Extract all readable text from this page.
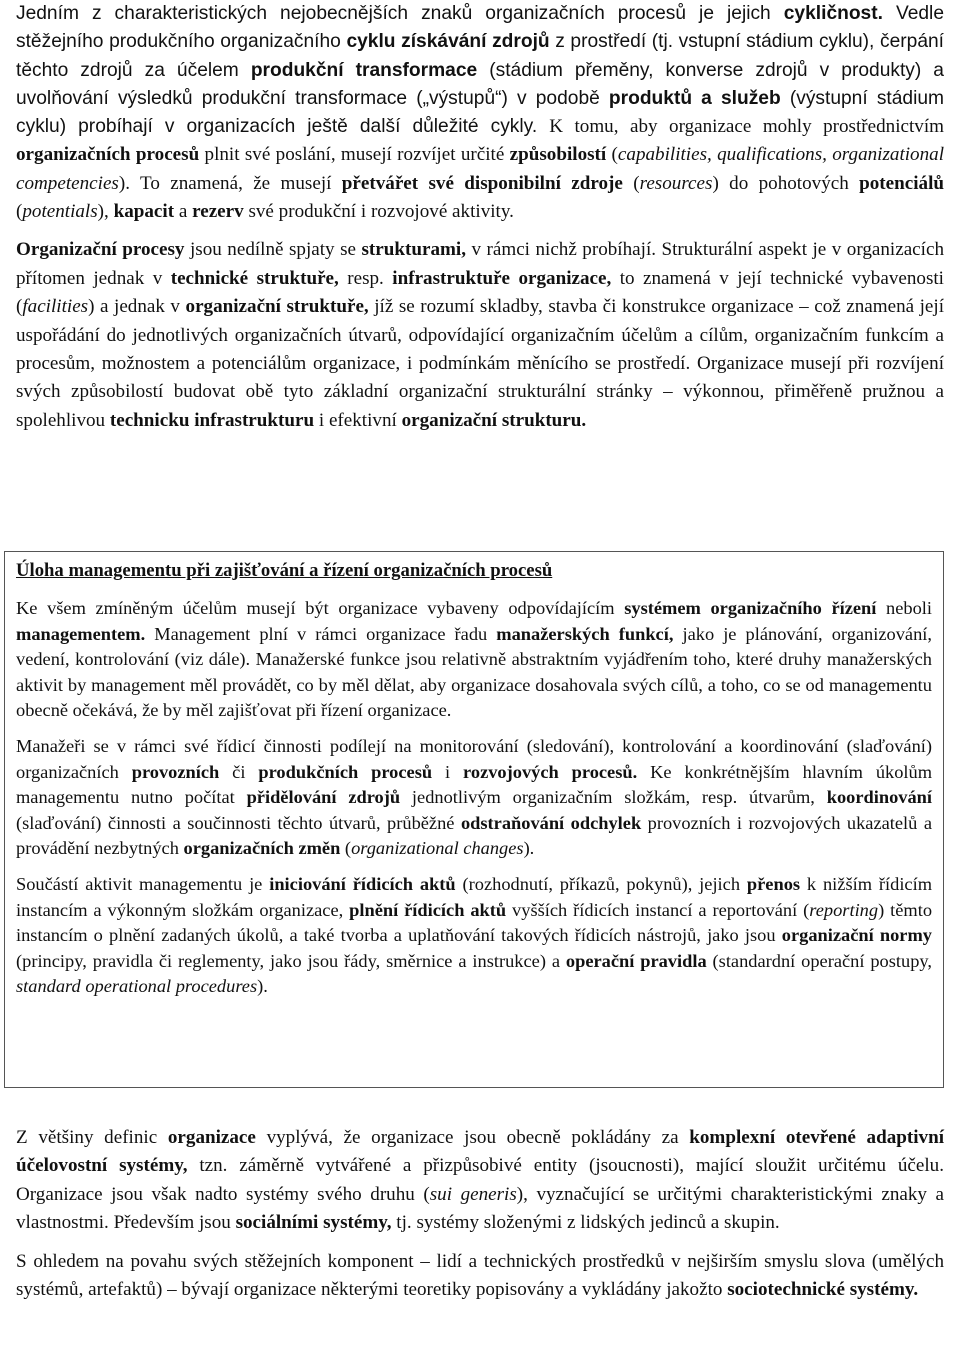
Jedním z charakteristických nejobecnějších znaků organizačních procesů je jejich cykličnost. Vedle stěžejního produkčního organizačního cyklu získávání zdrojů z prostředí (tj. vstupní stádium cyklu), čerpání těchto zdrojů za účelem produkční transformace (stádium přeměny, konverse zdrojů v produkty) a uvolňování výsledků produkční transformace („výstupů“) v podobě produktů a služeb (výstupní stádium cyklu) probíhají v organizacích ještě další důležité cykly. K tomu, aby organizace mohly prostřednictvím organizačních procesů plnit své poslání, musejí rozvíjet určité způsobilostí (capabilities, qualifications, organizational competencies). To znamená, že musejí přetvářet své disponibilní zdroje (resources) do pohotových potenciálů (potentials), kapacit a rezerv své produkční i rozvojové aktivity.

Organizační procesy jsou nedílně spjaty se strukturami, v rámci nichž probíhají. Strukturální aspekt je v organizacích přítomen jednak v technické struktuře, resp. infrastruktuře organizace, to znamená v její technické vybavenosti (facilities) a jednak v organizační struktuře, jíž se rozumí skladby, stavba či konstrukce organizace – což znamená její uspořádání do jednotlivých organizačních útvarů, odpovídající organizačním účelům a cílům, organizačním funkcím a procesům, možnostem a potenciálům organizace, i podmínkám měnícího se prostředí. Organizace musejí při rozvíjení svých způsobilostí budovat obě tyto základní organizační strukturální stránky – výkonnou, přiměřeně pružnou a spolehlivou technicku infrastrukturu i efektivní organizační strukturu.

Úloha managementu při zajišťování a řízení organizačních procesů

Ke všem zmíněným účelům musejí být organizace vybaveny odpovídajícím systémem organizačního řízení neboli managementem. Management plní v rámci organizace řadu manažerských funkcí, jako je plánování, organizování, vedení, kontrolování (viz dále). Manažerské funkce jsou relativně abstraktním vyjádřením toho, které druhy manažerských aktivit by management měl provádět, co by měl dělat, aby organizace dosahovala svých cílů, a toho, co se od managementu obecně očekává, že by měl zajišťovat při řízení organizace.

Manažeři se v rámci své řídicí činnosti podílejí na monitorování (sledování), kontrolování a koordinování (slaďování) organizačních provozních či produkčních procesů i rozvojových procesů. Ke konkrétnějším hlavním úkolům managementu nutno počítat přidělování zdrojů jednotlivým organizačním složkám, resp. útvarům, koordinování (slaďování) činnosti a součinnosti těchto útvarů, průběžné odstraňování odchylek provozních i rozvojových ukazatelů a provádění nezbytných organizačních změn (organizational changes).

Součástí aktivit managementu je iniciování řídicích aktů (rozhodnutí, příkazů, pokynů), jejich přenos k nižším řídicím instancím a výkonným složkám organizace, plnění řídicích aktů vyšších řídicích instancí a reportování (reporting) těmto instancím o plnění zadaných úkolů, a také tvorba a uplatňování takových řídicích nástrojů, jako jsou organizační normy (principy, pravidla či reglementy, jako jsou řády, směrnice a instrukce) a operační pravidla (standardní operační postupy, standard operational procedures).

Z většiny definic organizace vyplývá, že organizace jsou obecně pokládány za komplexní otevřené adaptivní účelovostní systémy, tzn. záměrně vytvářené a přizpůsobivé entity (jsoucnosti), mající sloužit určitému účelu. Organizace jsou však nadto systémy svého druhu (sui generis), vyznačující se určitými charakteristickými znaky a vlastnostmi. Především jsou sociálními systémy, tj. systémy složenými z lidských jedinců a skupin.

S ohledem na povahu svých stěžejních komponent – lidí a technických prostředků v nejširším smyslu slova (umělých systémů, artefaktů) – bývají organizace některými teoretiky popisovány a vykládány jakožto sociotechnické systémy.
